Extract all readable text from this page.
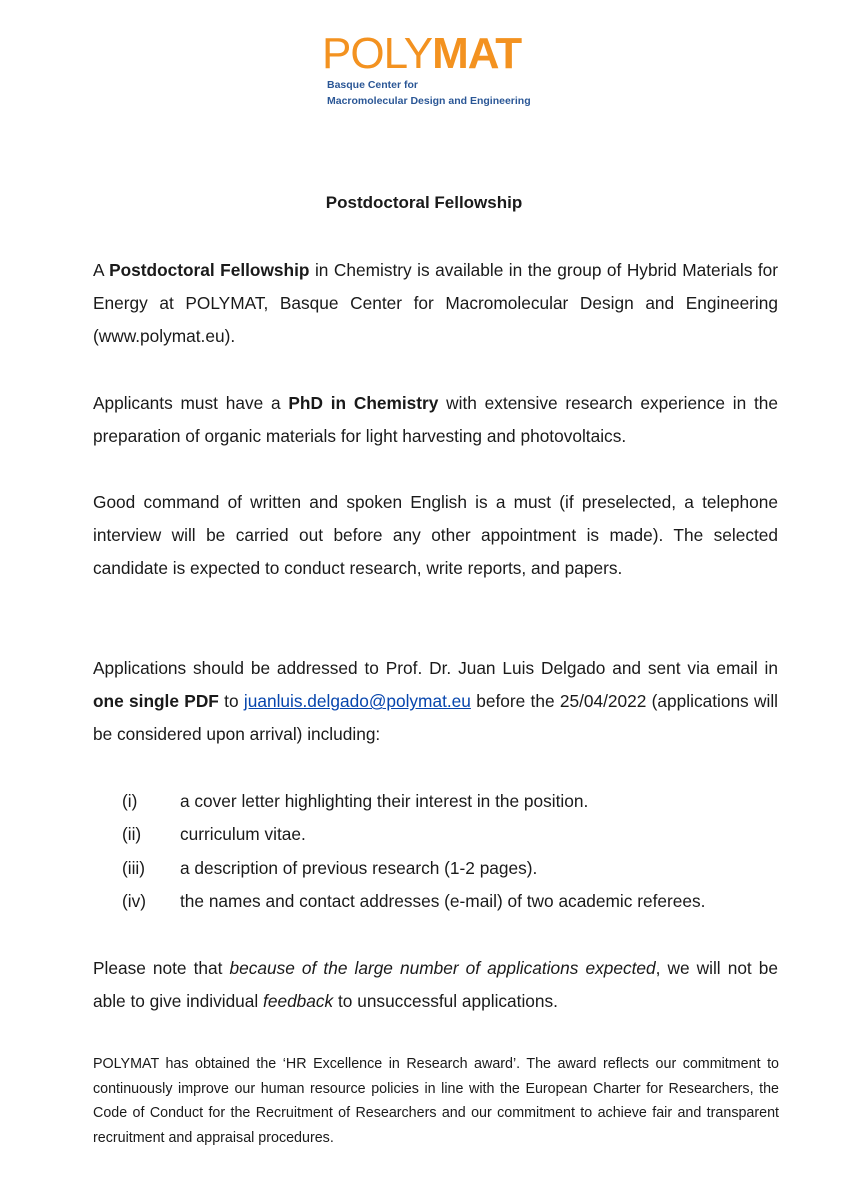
POLYMAT
Basque Center for
Macromolecular Design and Engineering
Postdoctoral Fellowship
A Postdoctoral Fellowship in Chemistry is available in the group of Hybrid Materials for Energy at POLYMAT, Basque Center for Macromolecular Design and Engineering (www.polymat.eu).
Applicants must have a PhD in Chemistry with extensive research experience in the preparation of organic materials for light harvesting and photovoltaics.
Good command of written and spoken English is a must (if preselected, a telephone interview will be carried out before any other appointment is made). The selected candidate is expected to conduct research, write reports, and papers.
Applications should be addressed to Prof. Dr. Juan Luis Delgado and sent via email in one single PDF to juanluis.delgado@polymat.eu before the 25/04/2022 (applications will be considered upon arrival) including:
(i)	a cover letter highlighting their interest in the position.
(ii)	curriculum vitae.
(iii)	a description of previous research (1-2 pages).
(iv)	the names and contact addresses (e-mail) of two academic referees.
Please note that because of the large number of applications expected, we will not be able to give individual feedback to unsuccessful applications.
POLYMAT has obtained the ‘HR Excellence in Research award’. The award reflects our commitment to continuously improve our human resource policies in line with the European Charter for Researchers, the Code of Conduct for the Recruitment of Researchers and our commitment to achieve fair and transparent recruitment and appraisal procedures.
